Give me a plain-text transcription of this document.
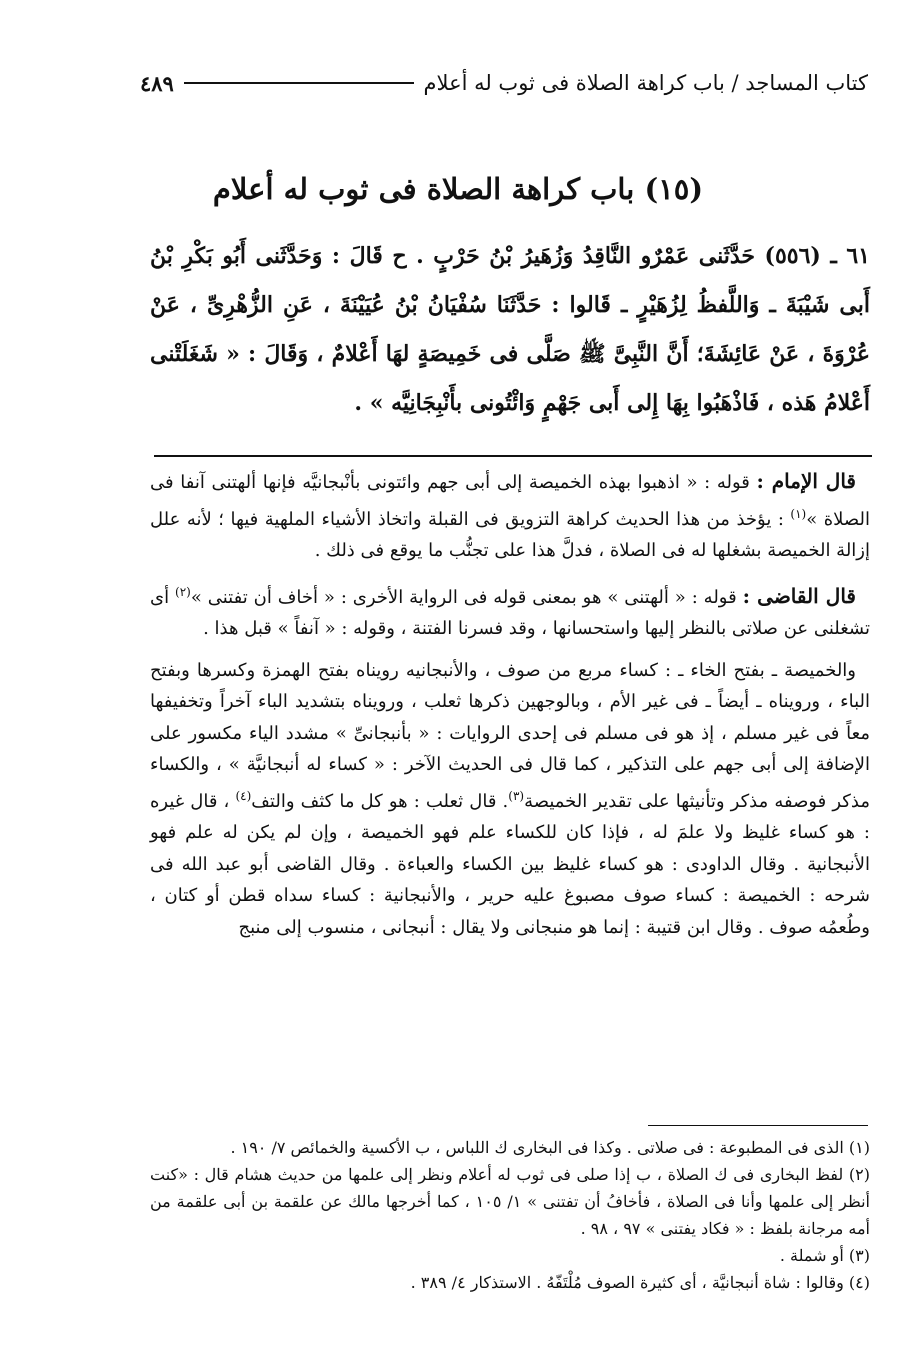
كتاب المساجد / باب كراهة الصلاة فى ثوب له أعلام
٤٨٩
(١٥) باب كراهة الصلاة فى ثوب له أعلام

٦١ ـ (٥٥٦) حَدَّثَنى عَمْرٌو النَّاقِدُ وَزُهَيرُ بْنُ حَرْبٍ . ح قَالَ : وَحَدَّثَنى أَبُو بَكْرِ بْنُ أَبى شَيْبَةَ ـ وَاللَّفظُ لِزُهَيْرٍ ـ قَالوا : حَدَّثَنَا سُفْيَانُ بْنُ عُيَيْنَةَ ، عَنِ الزُّهْرِىِّ ، عَنْ عُرْوَةَ ، عَنْ عَائِشَةَ؛ أَنَّ النَّبِىَّ ﷺ صَلَّى فى خَمِيصَةٍ لهَا أَعْلامٌ ، وَقَالَ : « شَغَلَتْنى أَعْلامُ هَذه ، فَاذْهَبُوا بِهَا إِلى أَبى جَهْمٍ وَائْتُونى بأَنْبِجَانِيَّه » .

قال الإمام : قوله : « اذهبوا بهذه الخميصة إلى أبى جهم وائتونى بأنْبجانيَّه فإنها ألهتنى آنفا فى الصلاة »$^{(١)}$ : يؤخذ من هذا الحديث كراهة التزويق فى القبلة واتخاذ الأشياء الملهية فيها ؛ لأنه علل إزالة الخميصة بشغلها له فى الصلاة ، فدلَّ هذا على تجنُّب ما يوقع فى ذلك .

قال القاضى : قوله : « ألهتنى » هو بمعنى قوله فى الرواية الأخرى : « أخاف أن تفتنى »$^{(٢)}$ أى تشغلنى عن صلاتى بالنظر إليها واستحسانها ، وقد فسرنا الفتنة ، وقوله : « آنفاً » قبل هذا .

والخميصة ـ بفتح الخاء ـ : كساء مربع من صوف ، والأنبجانيه رويناه بفتح الهمزة وكسرها وبفتح الباء ، ورويناه ـ أيضاً ـ فى غير الأم ، وبالوجهين ذكرها ثعلب ، ورويناه بتشديد الباء آخراً وتخفيفها معاً فى غير مسلم ، إذ هو فى مسلم فى إحدى الروايات : « بأنبجانىِّ » مشدد الياء مكسور على الإضافة إلى أبى جهم على التذكير ، كما قال فى الحديث الآخر : « كساء له أنبجانيَّة » ، والكساء مذكر فوصفه مذكر وتأنيثها على تقدير الخميصة$^{(٣)}$. قال ثعلب : هو كل ما كثف والتف$^{(٤)}$ ، قال غيره : هو كساء غليظ ولا علمَ له ، فإذا كان للكساء علم فهو الخميصة ، وإن لم يكن له علم فهو الأنبجانية . وقال الداودى : هو كساء غليظ بين الكساء والعباءة . وقال القاضى أبو عبد الله فى شرحه : الخميصة : كساء صوف مصبوغ عليه حرير ، والأنبجانية : كساء سداه قطن أو كتان ، وطُعمُه صوف . وقال ابن قتيبة : إنما هو منبجانى ولا يقال : أنبجانى ، منسوب إلى منبج

(١) الذى فى المطبوعة : فى صلاتى . وكذا فى البخارى ك اللباس ، ب الأكسية والخمائص ٧/ ١٩٠ .

(٢) لفظ البخارى فى ك الصلاة ، ب إذا صلى فى ثوب له أعلام ونظر إلى علمها من حديث هشام قال : «كنت أنظر إلى علمها وأنا فى الصلاة ، فأخافُ أن تفتنى » ١/ ١٠٥ ، كما أخرجها مالك عن علقمة بن أبى علقمة من أمه مرجانة بلفظ : « فكاد يفتنى » ٩٧ ، ٩٨ .

(٣) أو شملة .

(٤) وقالوا : شاة أنبجانيَّة ، أى كثيرة الصوف مُلْتَفّهُ . الاستذكار ٤/ ٣٨٩ .
